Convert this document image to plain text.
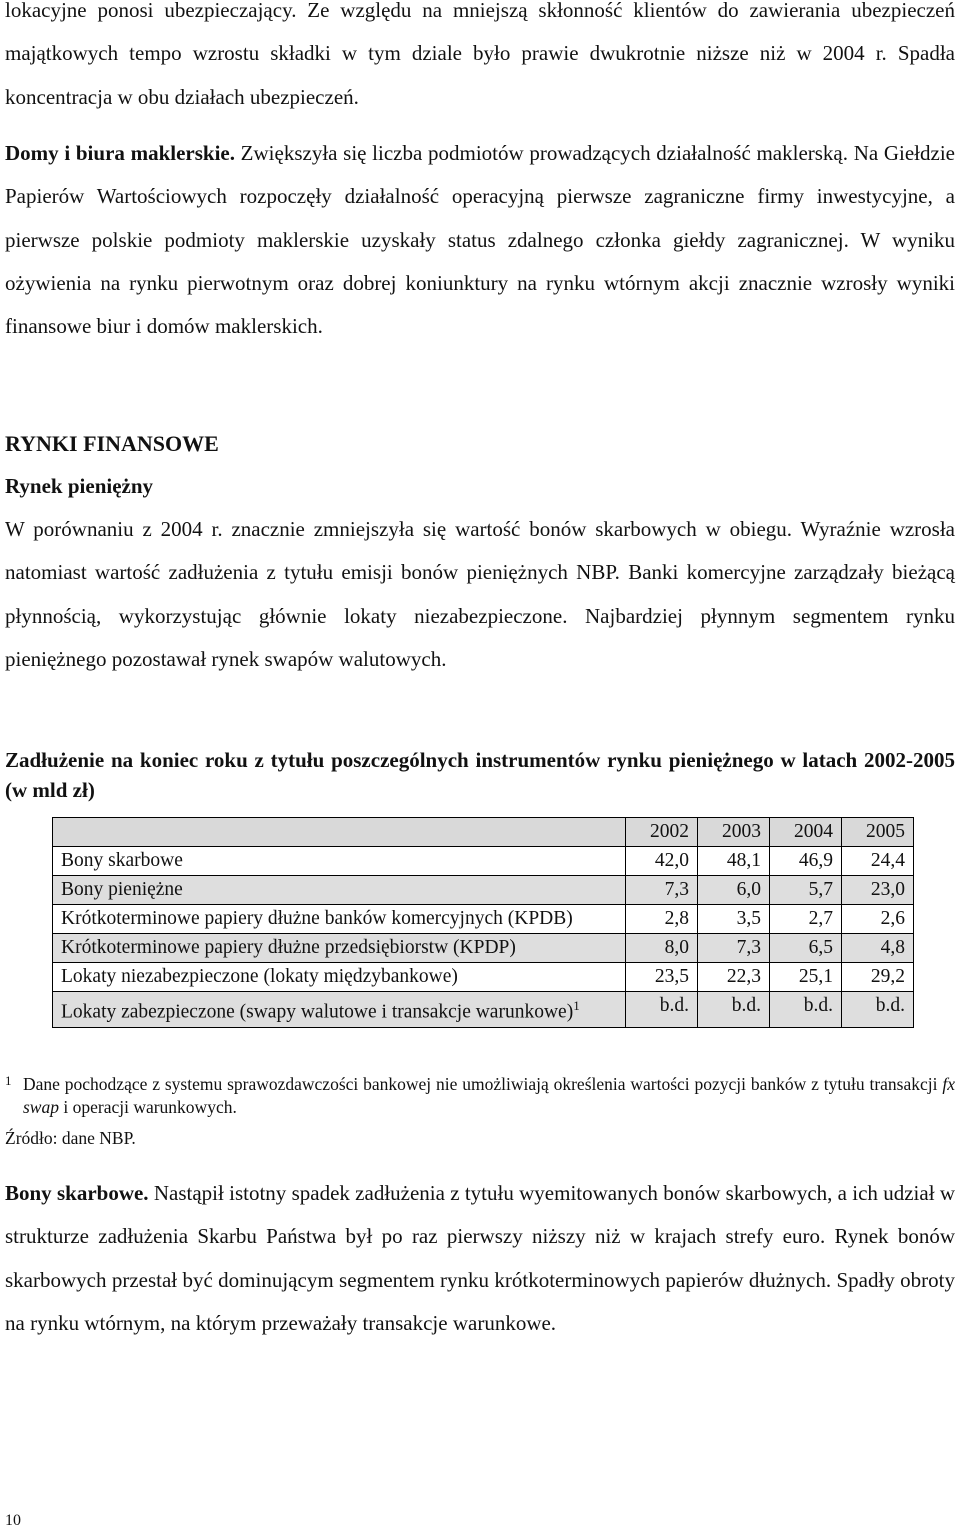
lokacyjne ponosi ubezpieczający. Ze względu na mniejszą skłonność klientów do zawierania ubezpieczeń majątkowych tempo wzrostu składki w tym dziale było prawie dwukrotnie niższe niż w 2004 r. Spadła koncentracja w obu działach ubezpieczeń.

Domy i biura maklerskie. Zwiększyła się liczba podmiotów prowadzących działalność maklerską. Na Giełdzie Papierów Wartościowych rozpoczęły działalność operacyjną pierwsze zagraniczne firmy inwestycyjne, a pierwsze polskie podmioty maklerskie uzyskały status zdalnego członka giełdy zagranicznej. W wyniku ożywienia na rynku pierwotnym oraz dobrej koniunktury na rynku wtórnym akcji znacznie wzrosły wyniki finansowe biur i domów maklerskich.

RYNKI FINANSOWE
Rynek pieniężny

W porównaniu z 2004 r. znacznie zmniejszyła się wartość bonów skarbowych w obiegu. Wyraźnie wzrosła natomiast wartość zadłużenia z tytułu emisji bonów pieniężnych NBP. Banki komercyjne zarządzały bieżącą płynnością, wykorzystując głównie lokaty niezabezpieczone. Najbardziej płynnym segmentem rynku pieniężnego pozostawał rynek swapów walutowych.

Zadłużenie na koniec roku z tytułu poszczególnych instrumentów rynku pieniężnego w latach 2002-2005 (w mld zł)
	2002	2003	2004	2005
Bony skarbowe	42,0	48,1	46,9	24,4
Bony pieniężne	7,3	6,0	5,7	23,0
Krótkoterminowe papiery dłużne banków komercyjnych (KPDB)	2,8	3,5	2,7	2,6
Krótkoterminowe papiery dłużne przedsiębiorstw (KPDP)	8,0	7,3	6,5	4,8
Lokaty niezabezpieczone (lokaty międzybankowe)	23,5	22,3	25,1	29,2
Lokaty zabezpieczone (swapy walutowe i transakcje warunkowe)$^1$	b.d.	b.d.	b.d.	b.d.
1 Dane pochodzące z systemu sprawozdawczości bankowej nie umożliwiają określenia wartości pozycji banków z tytułu transakcji fx swap i operacji warunkowych.
Źródło: dane NBP.

Bony skarbowe. Nastąpił istotny spadek zadłużenia z tytułu wyemitowanych bonów skarbowych, a ich udział w strukturze zadłużenia Skarbu Państwa był po raz pierwszy niższy niż w krajach strefy euro. Rynek bonów skarbowych przestał być dominującym segmentem rynku krótkoterminowych papierów dłużnych. Spadły obroty na rynku wtórnym, na którym przeważały transakcje warunkowe.

10
